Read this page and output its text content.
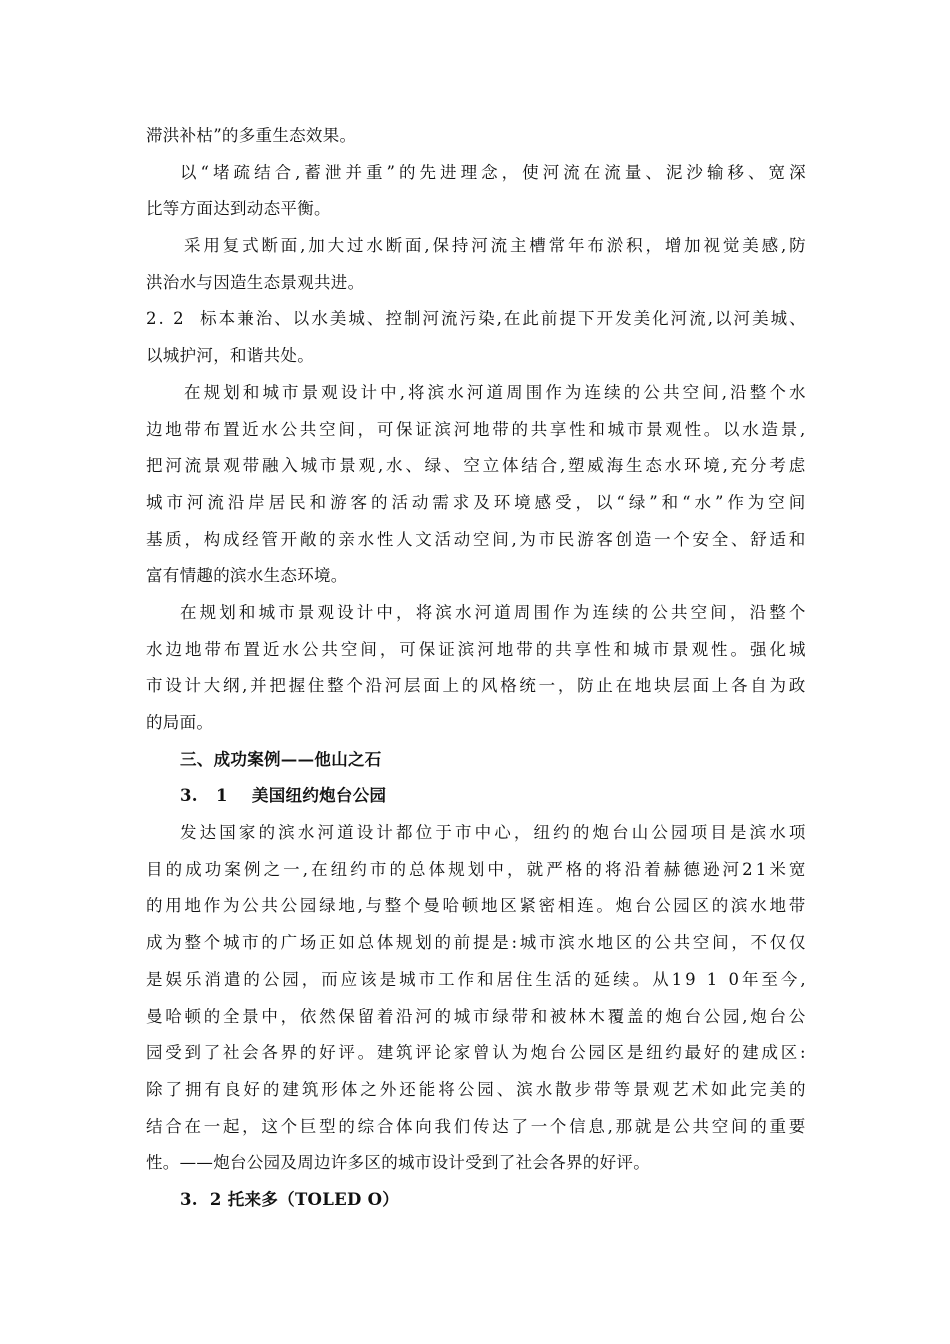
滞洪补枯”的多重生态效果。
以 “ 堵 疏 结 合 , 蓄 泄 并 重 ” 的 先 进 理 念 ， 使 河 流 在 流 量 、 泥 沙 输 移 、 宽 深
比等方面达到动态平衡。
采 用 复 式 断 面 , 加 大 过 水 断 面 , 保 持 河 流 主 槽 常 年 布 淤 积 ， 增 加 视 觉 美 感 , 防
洪治水与因造生态景观共进。
2 .
2

标 本 兼 治 、 以 水 美 城 、 控 制 河 流 污 染 , 在 此 前 提 下 开 发 美 化 河 流 , 以 河 美 城 、
以城护河，和谐共处。
在 规 划 和 城 市 景 观 设 计 中 , 将 滨 水 河 道 周 围 作 为 连 续 的 公 共 空 间 , 沿 整 个 水
边 地 带 布 置 近 水 公 共 空 间 ， 可 保 证 滨 河 地 带 的 共 享 性 和 城 市 景 观 性 。 以 水 造 景 ,
把 河 流 景 观 带 融 入 城 市 景 观 , 水 、 绿 、 空 立 体 结 合 , 塑 威 海 生 态 水 环 境 , 充 分 考 虑
城 市 河 流 沿 岸 居 民 和 游 客 的 活 动 需 求 及 环 境 感 受 ， 以 “ 绿 ” 和 “ 水 ” 作 为 空 间
基 质 ， 构 成 经 管 开 敞 的 亲 水 性 人 文 活 动 空 间 , 为 市 民 游 客 创 造 一 个 安 全 、 舒 适 和
富有情趣的滨水生态环境。
在 规 划 和 城 市 景 观 设 计 中 ， 将 滨 水 河 道 周 围 作 为 连 续 的 公 共 空 间 ， 沿 整 个
水 边 地 带 布 置 近 水 公 共 空 间 ， 可 保 证 滨 河 地 带 的 共 享 性 和 城 市 景 观 性 。 强 化 城
市 设 计 大 纲 , 并 把 握 住 整 个 沿 河 层 面 上 的 风 格 统 一 ， 防 止 在 地 块 层 面 上 各 自 为 政
的局面。
三、成功案例——他山之石
3.   1    美国纽约炮台公园
发 达 国 家 的 滨 水 河 道 设 计 都 位 于 市 中 心 ， 纽 约 的 炮 台 山 公 园 项 目 是 滨 水 项
目 的 成 功 案 例 之 一 , 在 纽 约 市 的 总 体 规 划 中 ， 就 严 格 的 将 沿 着 赫 德 逊 河 2 1 米 宽
的 用 地 作 为 公 共 公 园 绿 地 , 与 整 个 曼 哈 顿 地 区 紧 密 相 连 。 炮 台 公 园 区 的 滨 水 地 带
成 为 整 个 城 市 的 广 场 正 如 总 体 规 划 的 前 提 是 : 城 市 滨 水 地 区 的 公 共 空 间 ， 不 仅 仅
是 娱 乐 消 遣 的 公 园 ， 而 应 该 是 城 市 工 作 和 居 住 生 活 的 延 续 。 从 1 9
1
0 年 至 今 ,
曼 哈 顿 的 全 景 中 ， 依 然 保 留 着 沿 河 的 城 市 绿 带 和 被 林 木 覆 盖 的 炮 台 公 园 , 炮 台 公
园 受 到 了 社 会 各 界 的 好 评 。 建 筑 评 论 家 曾 认 为 炮 台 公 园 区 是 纽 约 最 好 的 建 成 区 :
除 了 拥 有 良 好 的 建 筑 形 体 之 外 还 能 将 公 园 、 滨 水 散 步 带 等 景 观 艺 术 如 此 完 美 的
结 合 在 一 起 ， 这 个 巨 型 的 综 合 体 向 我 们 传 达 了 一 个 信 息 , 那 就 是 公 共 空 间 的 重 要
性。——炮台公园及周边许多区的城市设计受到了社会各界的好评。
3.  2 托来多（TOLED O）
